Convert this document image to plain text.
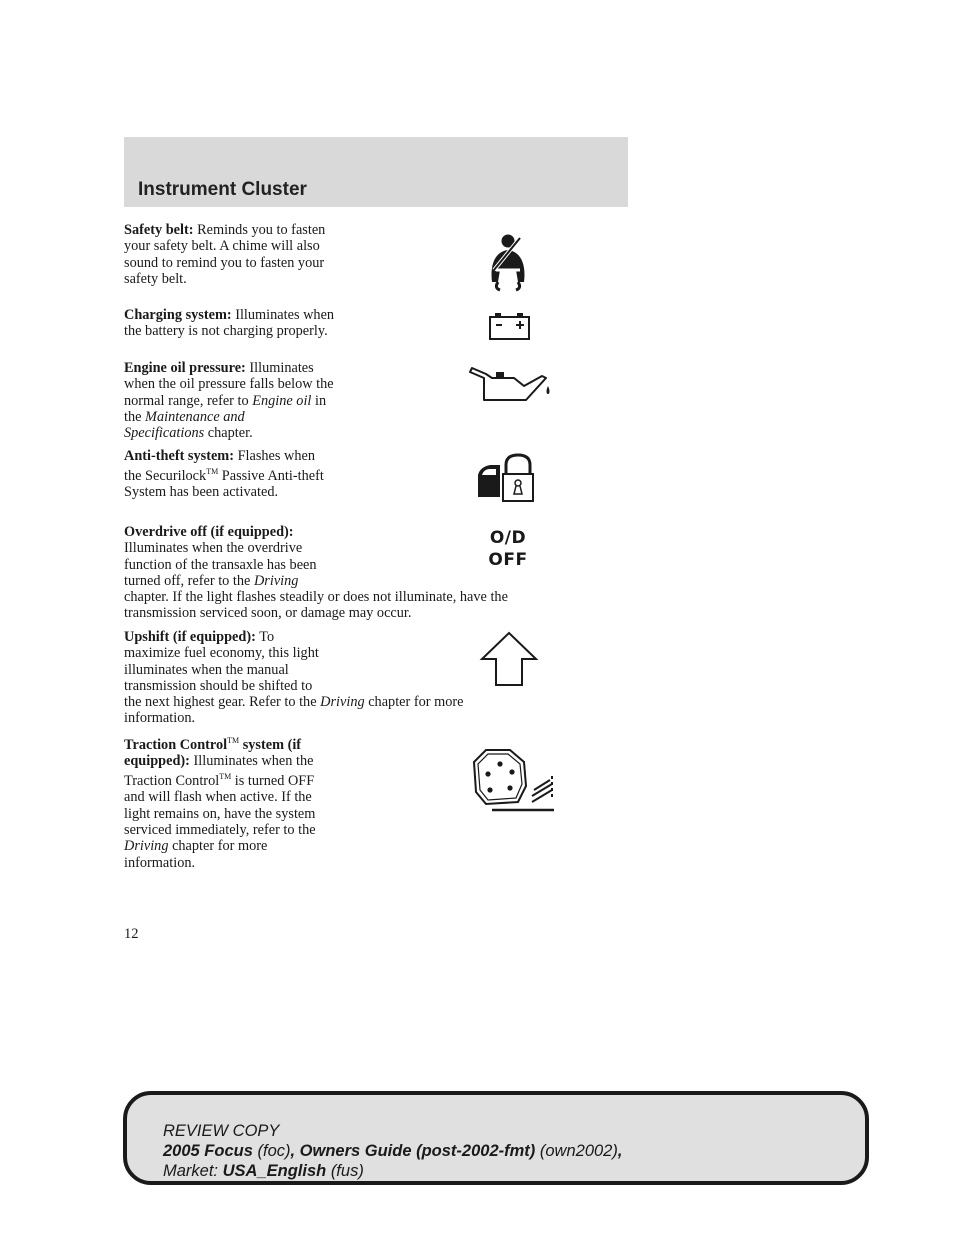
Instrument Cluster
Safety belt: Reminds you to fasten
your safety belt. A chime will also
sound to remind you to fasten your
safety belt.
Charging system: Illuminates when
the battery is not charging properly.
Engine oil pressure: Illuminates
when the oil pressure falls below the
normal range, refer to Engine oil in
the Maintenance and
Specifications chapter.
Anti-theft system: Flashes when
the Securilock™ Passive Anti-theft
System has been activated.
Overdrive off (if equipped):
Illuminates when the overdrive
function of the transaxle has been
turned off, refer to the Driving
chapter. If the light flashes steadily or does not illuminate, have the
transmission serviced soon, or damage may occur.
O/D
OFF
Upshift (if equipped): To
maximize fuel economy, this light
illuminates when the manual
transmission should be shifted to
the next highest gear. Refer to the Driving chapter for more
information.
Traction Control™ system (if
equipped): Illuminates when the
Traction Control™ is turned OFF
and will flash when active. If the
light remains on, have the system
serviced immediately, refer to the
Driving chapter for more
information.
12
REVIEW COPY
2005 Focus (foc), Owners Guide (post-2002-fmt) (own2002),
Market: USA_English (fus)
